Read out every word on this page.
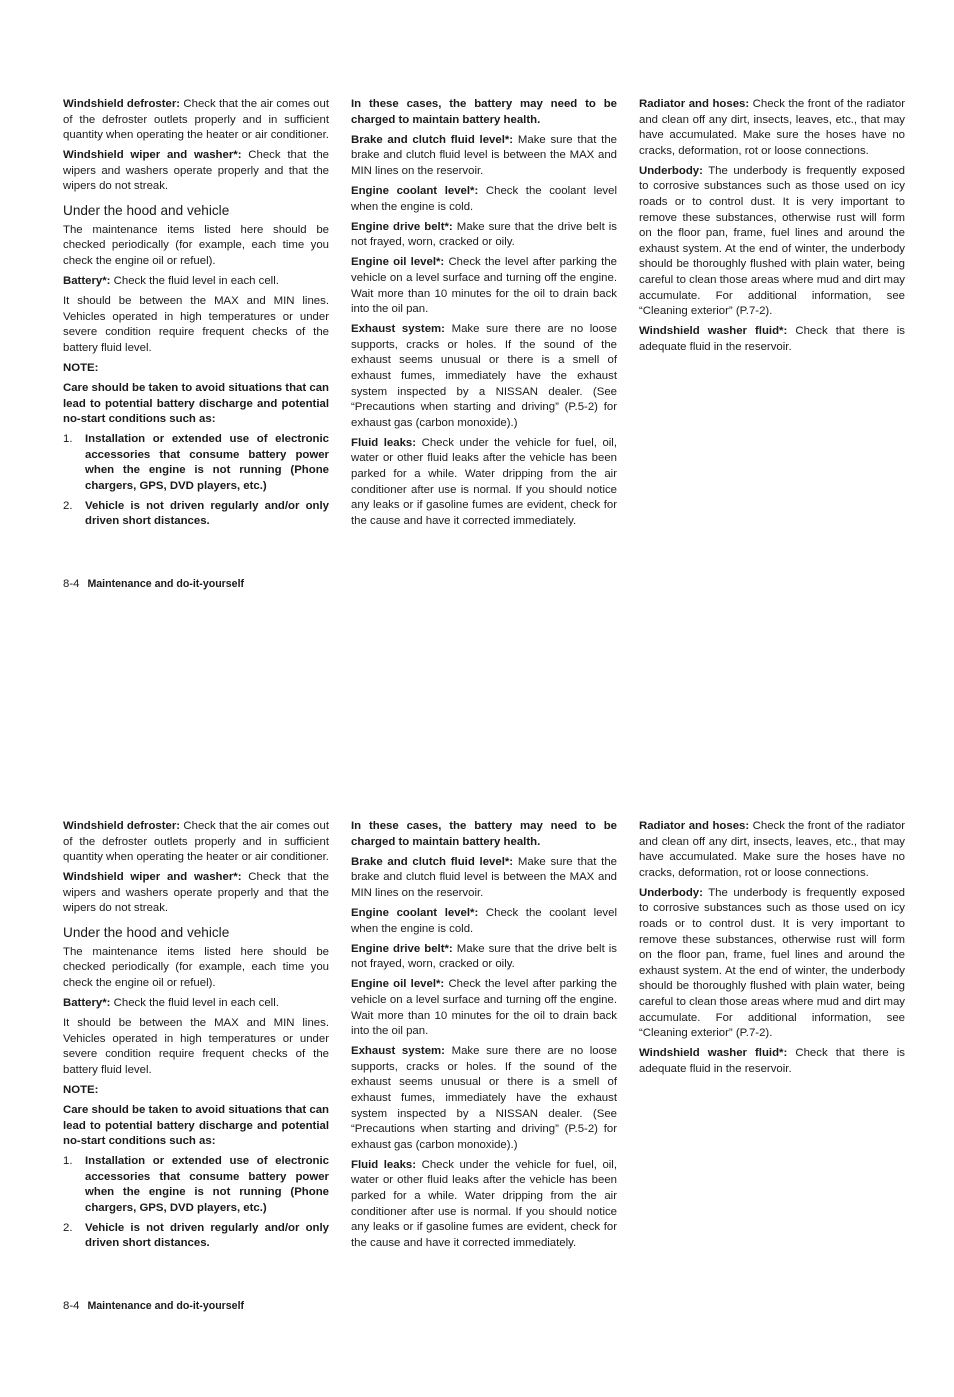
Windshield defroster: Check that the air comes out of the defroster outlets properly and in sufficient quantity when operating the heater or air conditioner.

Windshield wiper and washer*: Check that the wipers and washers operate properly and that the wipers do not streak.

Under the hood and vehicle

The maintenance items listed here should be checked periodically (for example, each time you check the engine oil or refuel).

Battery*: Check the fluid level in each cell.

It should be between the MAX and MIN lines. Vehicles operated in high temperatures or under severe condition require frequent checks of the battery fluid level.

NOTE:

Care should be taken to avoid situations that can lead to potential battery discharge and potential no-start conditions such as:

1. Installation or extended use of electronic accessories that consume battery power when the engine is not running (Phone chargers, GPS, DVD players, etc.)
2. Vehicle is not driven regularly and/or only driven short distances.

In these cases, the battery may need to be charged to maintain battery health.

Brake and clutch fluid level*: Make sure that the brake and clutch fluid level is between the MAX and MIN lines on the reservoir.

Engine coolant level*: Check the coolant level when the engine is cold.

Engine drive belt*: Make sure that the drive belt is not frayed, worn, cracked or oily.

Engine oil level*: Check the level after parking the vehicle on a level surface and turning off the engine. Wait more than 10 minutes for the oil to drain back into the oil pan.

Exhaust system: Make sure there are no loose supports, cracks or holes. If the sound of the exhaust seems unusual or there is a smell of exhaust fumes, immediately have the exhaust system inspected by a NISSAN dealer. (See “Precautions when starting and driving” (P.5-2) for exhaust gas (carbon monoxide).)

Fluid leaks: Check under the vehicle for fuel, oil, water or other fluid leaks after the vehicle has been parked for a while. Water dripping from the air conditioner after use is normal. If you should notice any leaks or if gasoline fumes are evident, check for the cause and have it corrected immediately.

Radiator and hoses: Check the front of the radiator and clean off any dirt, insects, leaves, etc., that may have accumulated. Make sure the hoses have no cracks, deformation, rot or loose connections.

Underbody: The underbody is frequently exposed to corrosive substances such as those used on icy roads or to control dust. It is very important to remove these substances, otherwise rust will form on the floor pan, frame, fuel lines and around the exhaust system. At the end of winter, the underbody should be thoroughly flushed with plain water, being careful to clean those areas where mud and dirt may accumulate. For additional information, see “Cleaning exterior” (P.7-2).

Windshield washer fluid*: Check that there is adequate fluid in the reservoir.

8-4 Maintenance and do-it-yourself

Windshield defroster: Check that the air comes out of the defroster outlets properly and in sufficient quantity when operating the heater or air conditioner.

Windshield wiper and washer*: Check that the wipers and washers operate properly and that the wipers do not streak.

Under the hood and vehicle

The maintenance items listed here should be checked periodically (for example, each time you check the engine oil or refuel).

Battery*: Check the fluid level in each cell.

It should be between the MAX and MIN lines. Vehicles operated in high temperatures or under severe condition require frequent checks of the battery fluid level.

NOTE:

Care should be taken to avoid situations that can lead to potential battery discharge and potential no-start conditions such as:

1. Installation or extended use of electronic accessories that consume battery power when the engine is not running (Phone chargers, GPS, DVD players, etc.)
2. Vehicle is not driven regularly and/or only driven short distances.

In these cases, the battery may need to be charged to maintain battery health.

Brake and clutch fluid level*: Make sure that the brake and clutch fluid level is between the MAX and MIN lines on the reservoir.

Engine coolant level*: Check the coolant level when the engine is cold.

Engine drive belt*: Make sure that the drive belt is not frayed, worn, cracked or oily.

Engine oil level*: Check the level after parking the vehicle on a level surface and turning off the engine. Wait more than 10 minutes for the oil to drain back into the oil pan.

Exhaust system: Make sure there are no loose supports, cracks or holes. If the sound of the exhaust seems unusual or there is a smell of exhaust fumes, immediately have the exhaust system inspected by a NISSAN dealer. (See “Precautions when starting and driving” (P.5-2) for exhaust gas (carbon monoxide).)

Fluid leaks: Check under the vehicle for fuel, oil, water or other fluid leaks after the vehicle has been parked for a while. Water dripping from the air conditioner after use is normal. If you should notice any leaks or if gasoline fumes are evident, check for the cause and have it corrected immediately.

Radiator and hoses: Check the front of the radiator and clean off any dirt, insects, leaves, etc., that may have accumulated. Make sure the hoses have no cracks, deformation, rot or loose connections.

Underbody: The underbody is frequently exposed to corrosive substances such as those used on icy roads or to control dust. It is very important to remove these substances, otherwise rust will form on the floor pan, frame, fuel lines and around the exhaust system. At the end of winter, the underbody should be thoroughly flushed with plain water, being careful to clean those areas where mud and dirt may accumulate. For additional information, see “Cleaning exterior” (P.7-2).

Windshield washer fluid*: Check that there is adequate fluid in the reservoir.

8-4 Maintenance and do-it-yourself
